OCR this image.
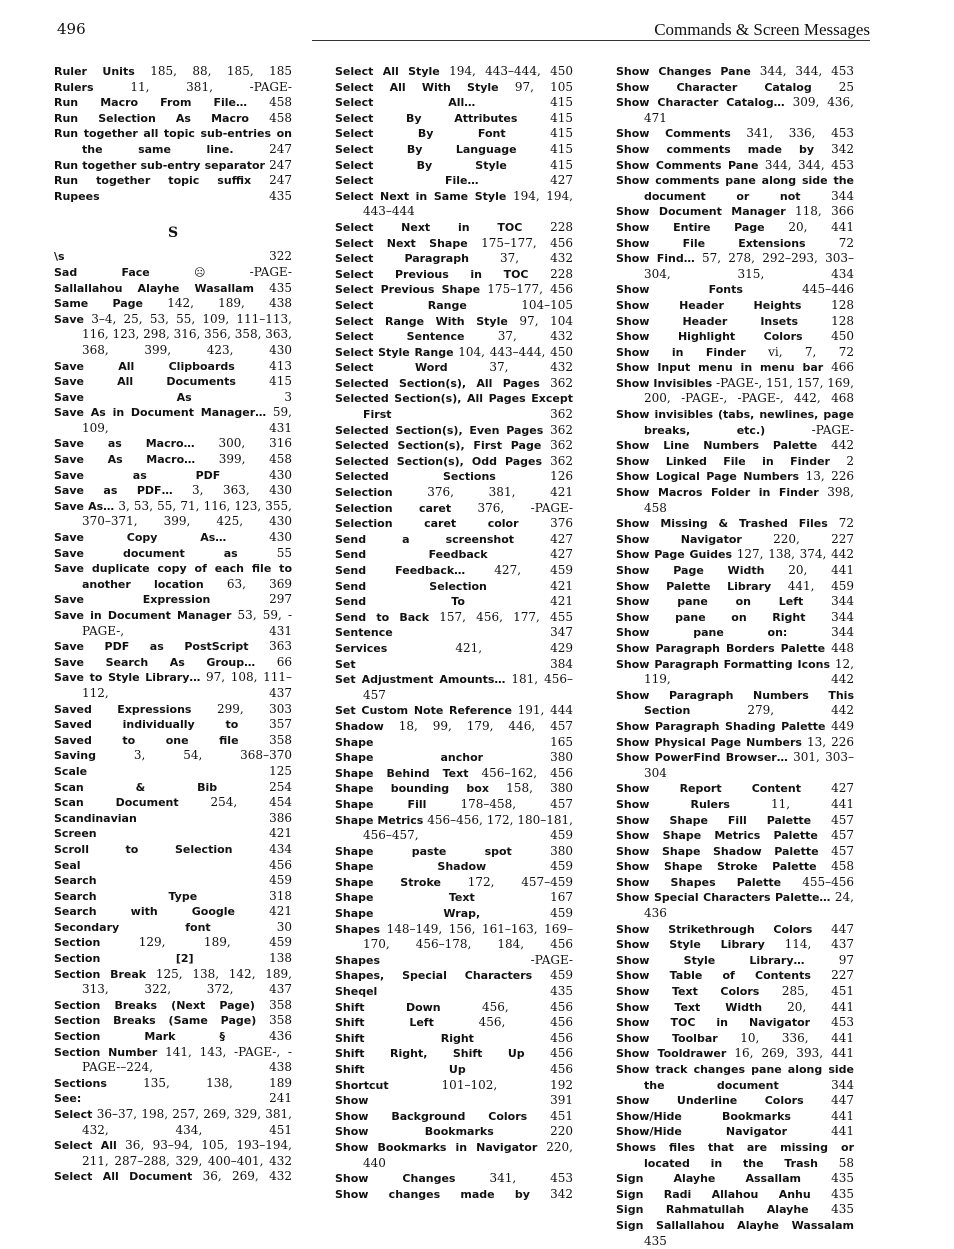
496	Commands & Screen Messages
Ruler Units 185, 88, 185, 185
Rulers	11, 381, -PAGE-
Run Macro From File… 458
Run Selection As Macro 458
Run together all topic sub-entries on the same line.	247
Run together sub-entry separator 247
Run together topic suffix 247
Rupees	435
S
\s	322
Sad Face ☹	-PAGE-
Sallallahou Alayhe Wasallam 435
Same Page 142, 189, 438
Save 3–4, 25, 53, 55, 109, 111–113, 116, 123, 298, 316, 356, 358, 363, 368, 399, 423, 430
Save All Clipboards	413
Save All Documents	415
Save As	3
Save As in Document Manager… 59, 109, 431
Save as Macro… 300, 316
Save As Macro… 399, 458
Save as PDF	430
Save as PDF… 3, 363, 430
Save As… 3, 53, 55, 71, 116, 123, 355, 370–371, 399, 425, 430
Save Copy As…	430
Save document as	55
Save duplicate copy of each file to another location 63, 369
Save Expression	297
Save in Document Manager 53, 59, -PAGE-, 431
Save PDF as PostScript 363
Save Search As Group… 66
Save to Style Library… 97, 108, 111–112, 437
Saved Expressions 299, 303
Saved individually to	357
Saved to one file	358
Saving	3, 54, 368–370
Scale	125
Scan & Bib	254
Scan Document	254, 454
Scandinavian	386
Screen	421
Scroll to Selection	434
Seal	456
Search	459
Search Type	318
Search with Google	421
Secondary font	30
Section	129, 189, 459
Section [2]	138
Section Break 125, 138, 142, 189, 313, 322, 372, 437
Section Breaks (Next Page) 358
Section Breaks (Same Page) 358
Section Mark §	436
Section Number 141, 143, -PAGE-, -PAGE-–224, 438
Sections	135, 138, 189
See:	241
Select 36–37, 198, 257, 269, 329, 381, 432, 434, 451
Select All 36, 93–94, 105, 193–194, 211, 287–288, 329, 400–401, 432
Select All Document 36, 269, 432
Select All Style 194, 443–444, 450
Select All With Style 97, 105
Select All…	415
Select By Attributes	415
Select By Font	415
Select By Language	415
Select By Style	415
Select File…	427
Select Next in Same Style 194, 194, 443–444
Select Next in TOC 228
Select Next Shape 175–177, 456
Select Paragraph	37, 432
Select Previous in TOC 228
Select Previous Shape 175–177, 456
Select Range	104–105
Select Range With Style 97, 104
Select Sentence	37, 432
Select Style Range 104, 443–444, 450
Select Word	37, 432
Selected Section(s), All Pages 362
Selected Section(s), All Pages Except First	362
Selected Section(s), Even Pages 362
Selected Section(s), First Page 362
Selected Section(s), Odd Pages 362
Selected Sections	126
Selection	376, 381, 421
Selection caret 376, -PAGE-
Selection caret color	376
Send a screenshot	427
Send Feedback	427
Send Feedback… 427, 459
Send Selection	421
Send To	421
Send to Back 157, 456, 177, 455
Sentence	347
Services	421, 429
Set	384
Set Adjustment Amounts… 181, 456–457
Set Custom Note Reference 191, 444
Shadow 18, 99, 179, 446, 457
Shape	165
Shape anchor	380
Shape Behind Text 456–162, 456
Shape bounding box 158, 380
Shape Fill	178–458, 457
Shape Metrics 456–456, 172, 180–181, 456–457, 459
Shape paste spot	380
Shape Shadow	459
Shape Stroke 172, 457–459
Shape Text	167
Shape Wrap,	459
Shapes 148–149, 156, 161–163, 169–170, 456–178, 184, 456
Shapes	-PAGE-
Shapes, Special Characters 459
Sheqel	435
Shift Down	456, 456
Shift Left	456, 456
Shift Right	456
Shift Right, Shift Up 456
Shift Up	456
Shortcut	101–102, 192
Show	391
Show Background Colors 451
Show Bookmarks	220
Show Bookmarks in Navigator 220, 440
Show Changes	341, 453
Show changes made by 342
Show Changes Pane 344, 344, 453
Show Character Catalog 25
Show Character Catalog… 309, 436, 471
Show Comments 341, 336, 453
Show comments made by 342
Show Comments Pane 344, 344, 453
Show comments pane along side the document or not	344
Show Document Manager 118, 366
Show Entire Page 20, 441
Show File Extensions	72
Show Find… 57, 278, 292–293, 303–304, 315, 434
Show Fonts	445–446
Show Header Heights 128
Show Header Insets	128
Show Highlight Colors 450
Show in Finder vi, 7, 72
Show Input menu in menu bar 466
Show Invisibles -PAGE-, 151, 157, 169, 200, -PAGE-, -PAGE-, 442, 468
Show invisibles (tabs, newlines, page breaks, etc.)	-PAGE-
Show Line Numbers Palette 442
Show Linked File in Finder 2
Show Logical Page Numbers 13, 226
Show Macros Folder in Finder 398, 458
Show Missing & Trashed Files 72
Show Navigator	220, 227
Show Page Guides 127, 138, 374, 442
Show Page Width 20, 441
Show Palette Library 441, 459
Show pane on Left 344
Show pane on Right 344
Show pane on:	344
Show Paragraph Borders Palette 448
Show Paragraph Formatting Icons 12, 119, 442
Show Paragraph Numbers This Section	279, 442
Show Paragraph Shading Palette 449
Show Physical Page Numbers 13, 226
Show PowerFind Browser… 301, 303–304
Show Report Content	427
Show Rulers	11, 441
Show Shape Fill Palette 457
Show Shape Metrics Palette 457
Show Shape Shadow Palette 457
Show Shape Stroke Palette 458
Show Shapes Palette 455–456
Show Special Characters Palette… 24, 436
Show Strikethrough Colors 447
Show Style Library 114, 437
Show Style Library…	97
Show Table of Contents 227
Show Text Colors 285, 451
Show Text Width 20, 441
Show TOC in Navigator 453
Show Toolbar 10, 336, 441
Show Tooldrawer 16, 269, 393, 441
Show track changes pane along side the document	344
Show Underline Colors 447
Show/Hide Bookmarks	441
Show/Hide Navigator	441
Shows files that are missing or located in the Trash 58
Sign Alayhe Assallam	435
Sign Radi Allahou Anhu 435
Sign Rahmatullah Alayhe 435
Sign Sallallahou Alayhe Wassalam 435
